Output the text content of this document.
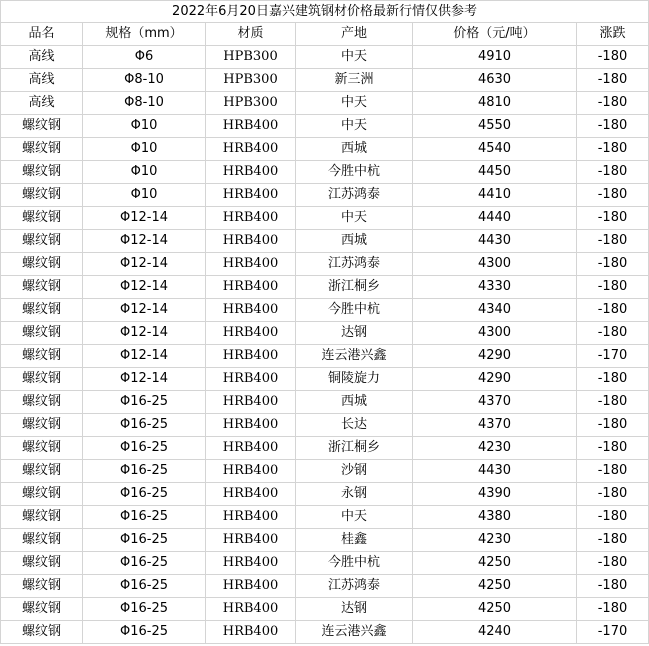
2022年6月20日嘉兴建筑钢材价格最新行情仅供参考					
品名	规格（mm）	材质	产地	价格（元/吨）	涨跌
高线	Φ6	HPB300	中天	4910	-180
高线	Φ8-10	HPB300	新三洲	4630	-180
高线	Φ8-10	HPB300	中天	4810	-180
螺纹钢	Φ10	HRB400	中天	4550	-180
螺纹钢	Φ10	HRB400	西城	4540	-180
螺纹钢	Φ10	HRB400	今胜中杭	4450	-180
螺纹钢	Φ10	HRB400	江苏鸿泰	4410	-180
螺纹钢	Φ12-14	HRB400	中天	4440	-180
螺纹钢	Φ12-14	HRB400	西城	4430	-180
螺纹钢	Φ12-14	HRB400	江苏鸿泰	4300	-180
螺纹钢	Φ12-14	HRB400	浙江桐乡	4330	-180
螺纹钢	Φ12-14	HRB400	今胜中杭	4340	-180
螺纹钢	Φ12-14	HRB400	达钢	4300	-180
螺纹钢	Φ12-14	HRB400	连云港兴鑫	4290	-170
螺纹钢	Φ12-14	HRB400	铜陵旋力	4290	-180
螺纹钢	Φ16-25	HRB400	西城	4370	-180
螺纹钢	Φ16-25	HRB400	长达	4370	-180
螺纹钢	Φ16-25	HRB400	浙江桐乡	4230	-180
螺纹钢	Φ16-25	HRB400	沙钢	4430	-180
螺纹钢	Φ16-25	HRB400	永钢	4390	-180
螺纹钢	Φ16-25	HRB400	中天	4380	-180
螺纹钢	Φ16-25	HRB400	桂鑫	4230	-180
螺纹钢	Φ16-25	HRB400	今胜中杭	4250	-180
螺纹钢	Φ16-25	HRB400	江苏鸿泰	4250	-180
螺纹钢	Φ16-25	HRB400	达钢	4250	-180
螺纹钢	Φ16-25	HRB400	连云港兴鑫	4240	-170
